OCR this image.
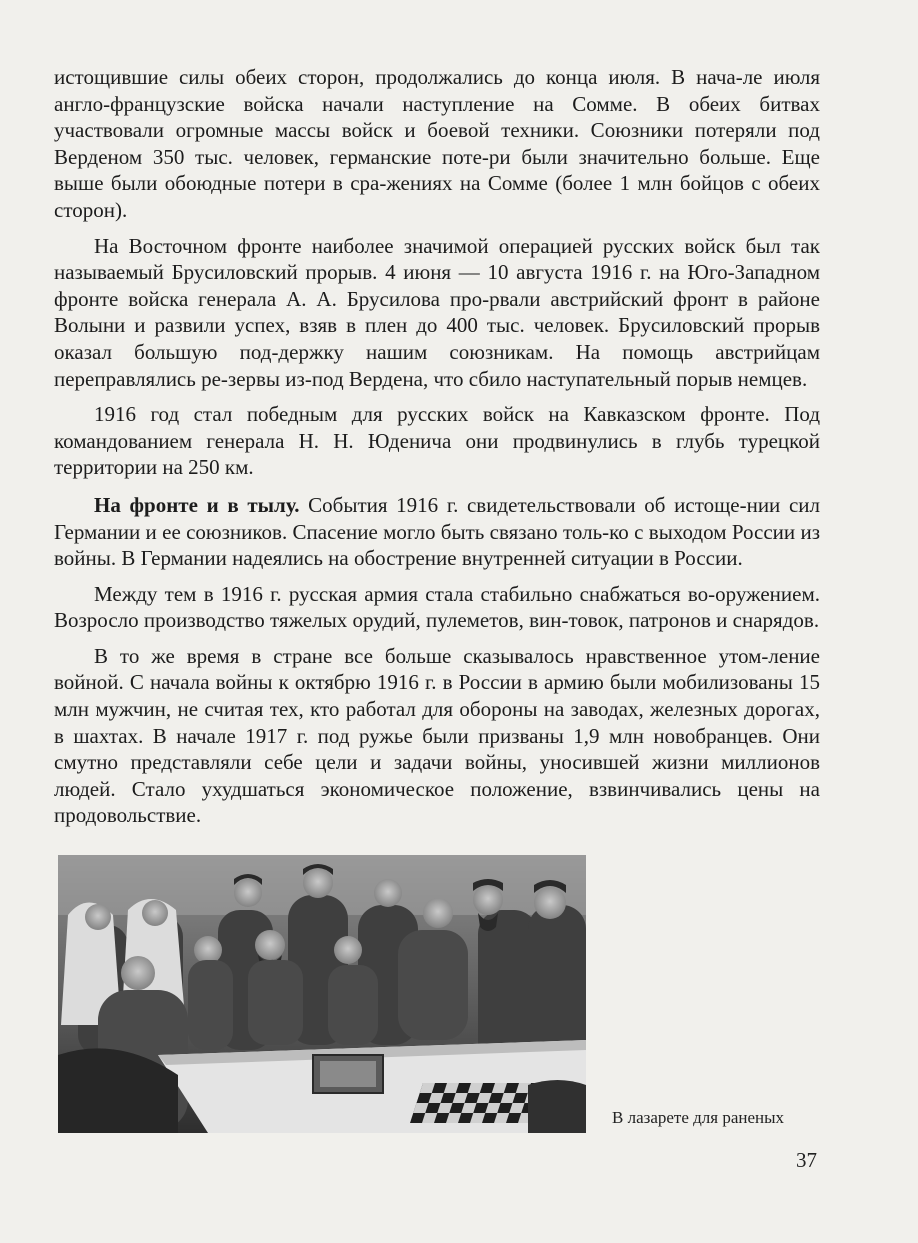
истощившие силы обеих сторон, продолжались до конца июля. В нача-ле июля англо-французские войска начали наступление на Сомме. В обеих битвах участвовали огромные массы войск и боевой техники. Союзники потеряли под Верденом 350 тыс. человек, германские поте-ри были значительно больше. Еще выше были обоюдные потери в сра-жениях на Сомме (более 1 млн бойцов с обеих сторон).

На Восточном фронте наиболее значимой операцией русских войск был так называемый Брусиловский прорыв. 4 июня — 10 августа 1916 г. на Юго-Западном фронте войска генерала А. А. Брусилова про-рвали австрийский фронт в районе Волыни и развили успех, взяв в плен до 400 тыс. человек. Брусиловский прорыв оказал большую под-держку нашим союзникам. На помощь австрийцам переправлялись ре-зервы из-под Вердена, что сбило наступательный порыв немцев.

1916 год стал победным для русских войск на Кавказском фронте. Под командованием генерала Н. Н. Юденича они продвинулись в глубь турецкой территории на 250 км.

На фронте и в тылу. События 1916 г. свидетельствовали об истоще-нии сил Германии и ее союзников. Спасение могло быть связано толь-ко с выходом России из войны. В Германии надеялись на обострение внутренней ситуации в России.

Между тем в 1916 г. русская армия стала стабильно снабжаться во-оружением. Возросло производство тяжелых орудий, пулеметов, вин-товок, патронов и снарядов.

В то же время в стране все больше сказывалось нравственное утом-ление войной. С начала войны к октябрю 1916 г. в России в армию были мобилизованы 15 млн мужчин, не считая тех, кто работал для обороны на заводах, железных дорогах, в шахтах. В начале 1917 г. под ружье были призваны 1,9 млн новобранцев. Они смутно представляли себе цели и задачи войны, уносившей жизни миллионов людей. Стало ухудшаться экономическое положение, взвинчивались цены на продовольствие.

В лазарете для раненых
37
